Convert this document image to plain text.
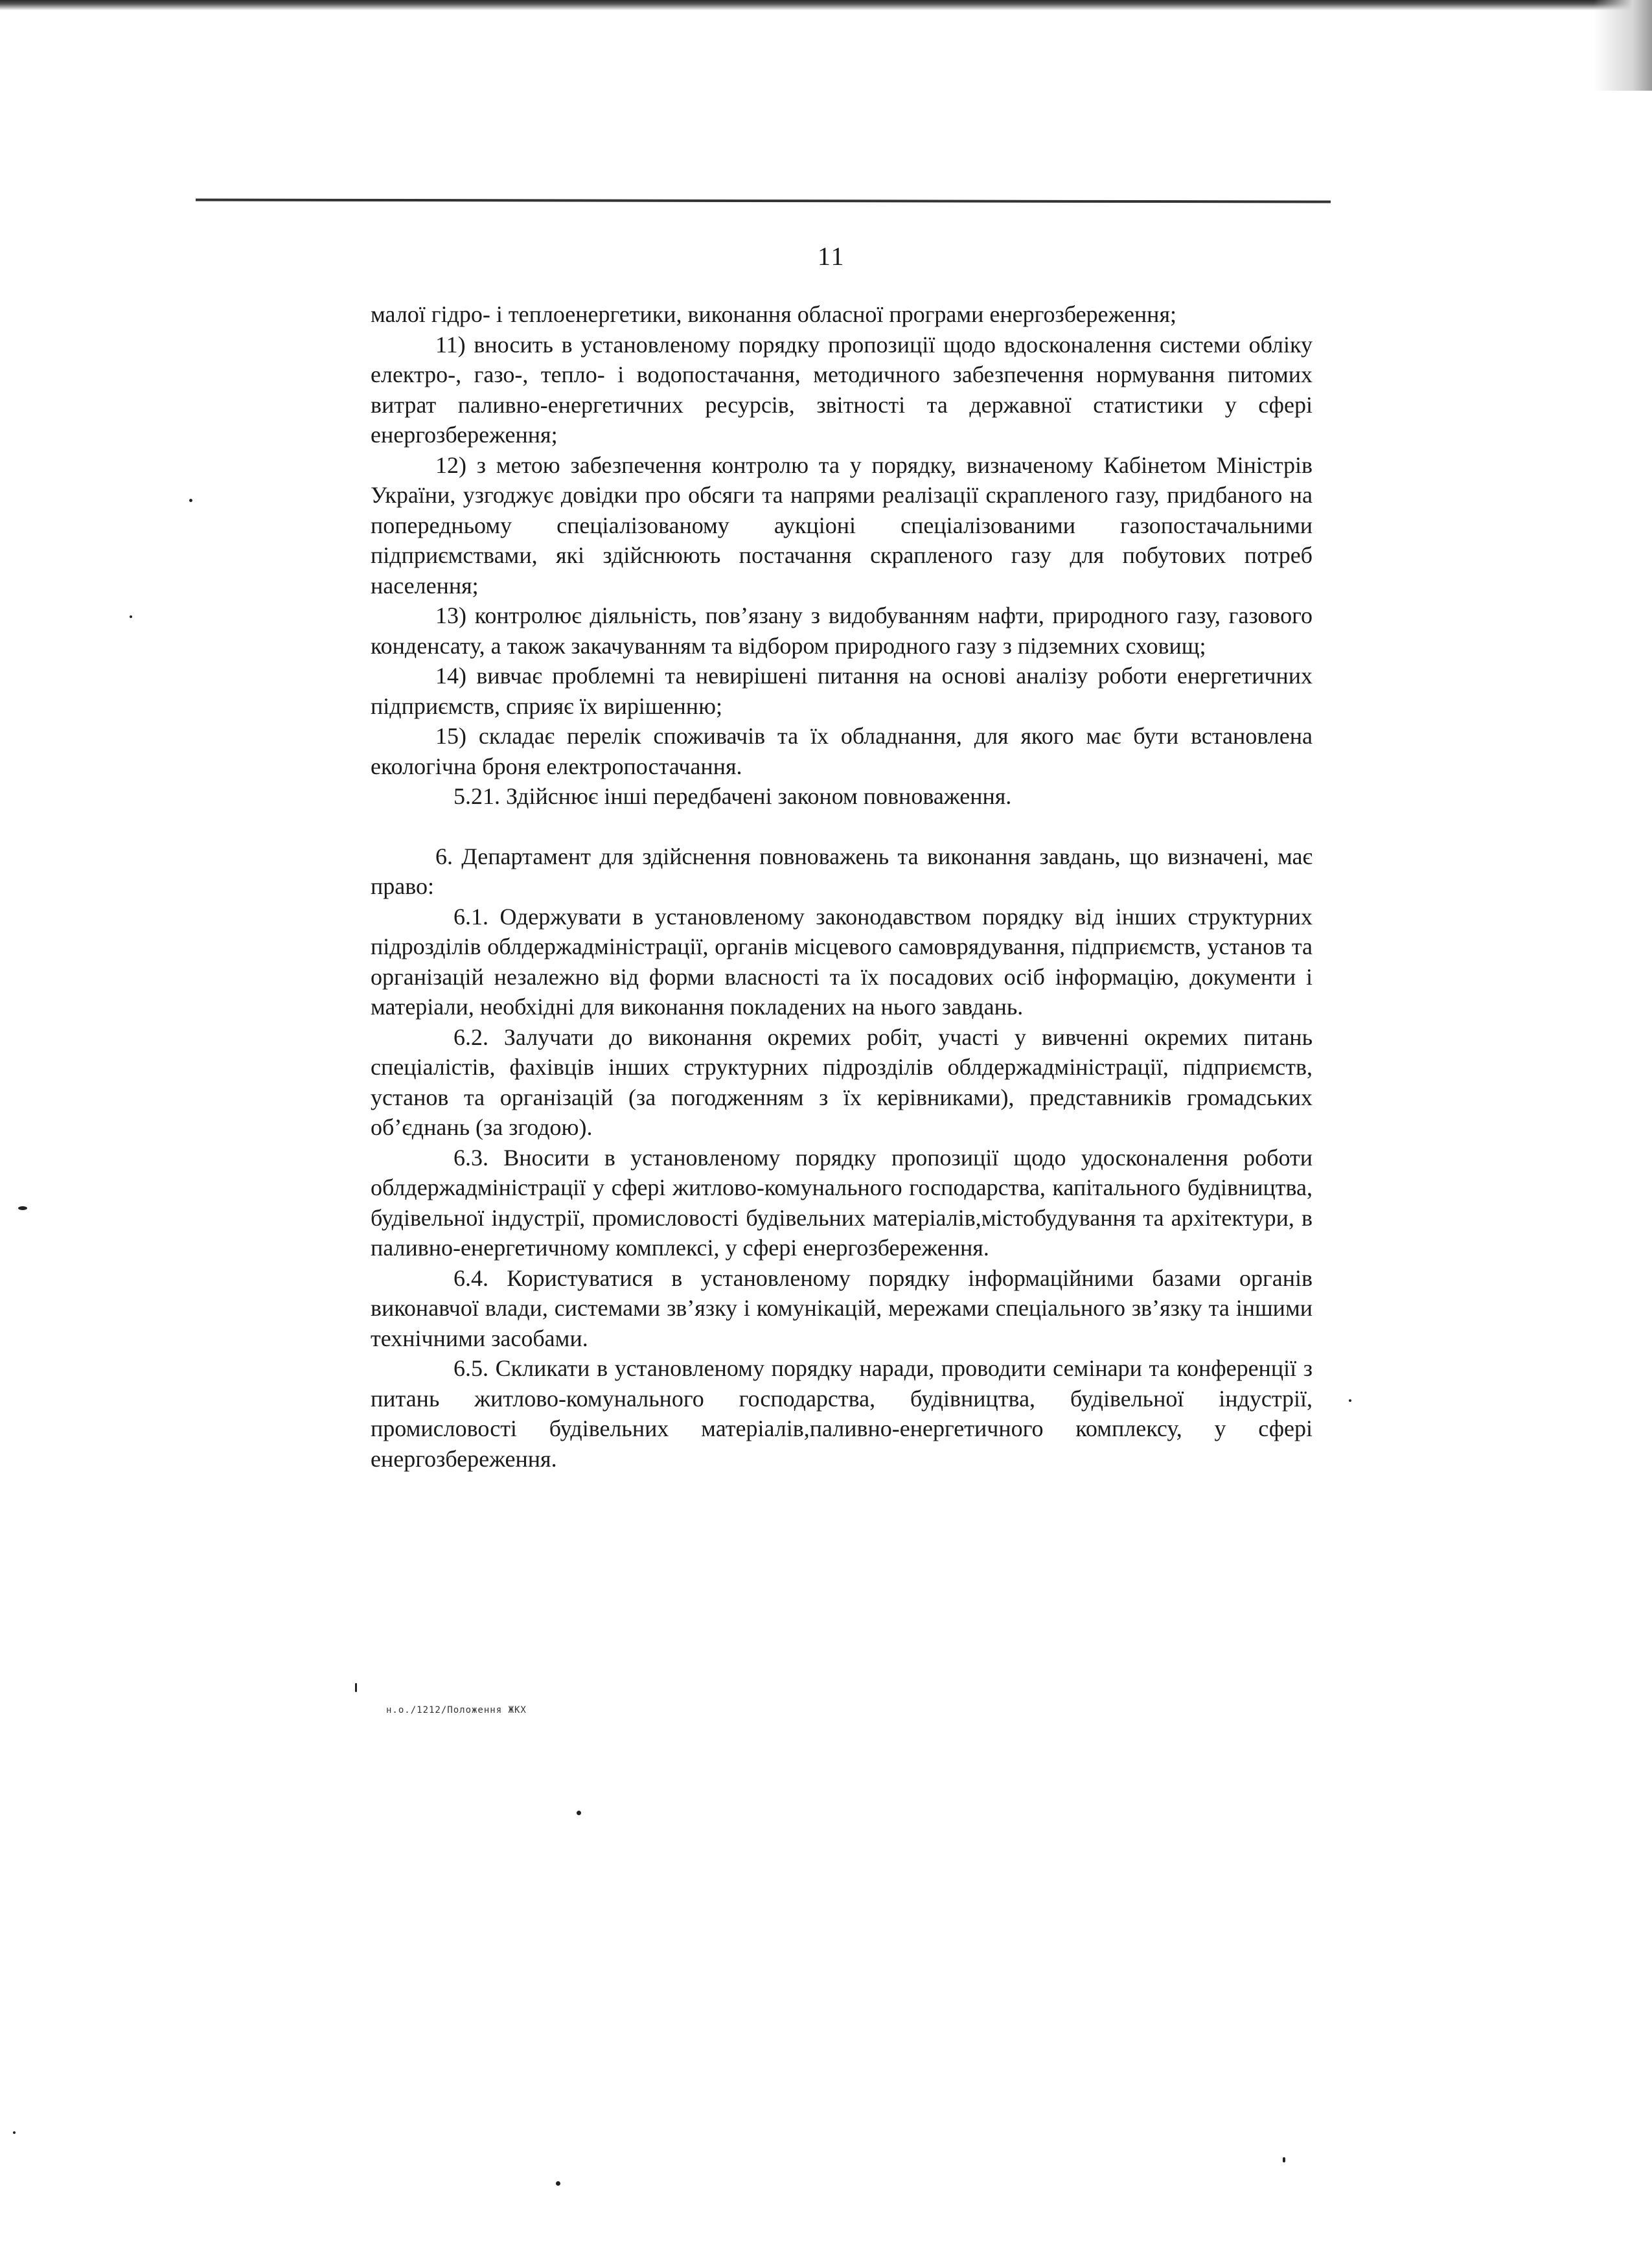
11

малої гідро- і теплоенергетики, виконання обласної програми енергозбереження;

11) вносить в установленому порядку пропозиції щодо вдосконалення системи обліку електро-, газо-, тепло- і водопостачання, методичного забезпечення нормування питомих витрат паливно-енергетичних ресурсів, звітності та державної статистики у сфері енергозбереження;

12) з метою забезпечення контролю та у порядку, визначеному Кабінетом Міністрів України, узгоджує довідки про обсяги та напрями реалізації скрапленого газу, придбаного на попередньому спеціалізованому аукціоні спеціалізованими газопостачальними підприємствами, які здійснюють постачання скрапленого газу для побутових потреб населення;

13) контролює діяльність, пов’язану з видобуванням нафти, природного газу, газового конденсату, а також закачуванням та відбором природного газу з підземних сховищ;

14) вивчає проблемні та невирішені питання на основі аналізу роботи енергетичних підприємств, сприяє їх вирішенню;

15) складає перелік споживачів та їх обладнання, для якого має бути встановлена екологічна броня електропостачання.

5.21. Здійснює інші передбачені законом повноваження.

6. Департамент для здійснення повноважень та виконання завдань, що визначені, має право:

6.1. Одержувати в установленому законодавством порядку від інших структурних підрозділів облдержадміністрації, органів місцевого самоврядування, підприємств, установ та організацій незалежно від форми власності та їх посадових осіб інформацію, документи і матеріали, необхідні для виконання покладених на нього завдань.

6.2. Залучати до виконання окремих робіт, участі у вивченні окремих питань спеціалістів, фахівців інших структурних підрозділів облдержадміністрації, підприємств, установ та організацій (за погодженням з їх керівниками), представників громадських об’єднань (за згодою).

6.3. Вносити в установленому порядку пропозиції щодо удосконалення роботи облдержадміністрації у сфері житлово-комунального господарства, капітального будівництва, будівельної індустрії, промисловості будівельних матеріалів,містобудування та архітектури, в паливно-енергетичному комплексі, у сфері енергозбереження.

6.4. Користуватися в установленому порядку інформаційними базами органів виконавчої влади, системами зв’язку і комунікацій, мережами спеціального зв’язку та іншими технічними засобами.

6.5. Скликати в установленому порядку наради, проводити семінари та конференції з питань житлово-комунального господарства, будівництва, будівельної індустрії, промисловості будівельних матеріалів,паливно-енергетичного комплексу, у сфері енергозбереження.

н.о./1212/Положення ЖКХ
